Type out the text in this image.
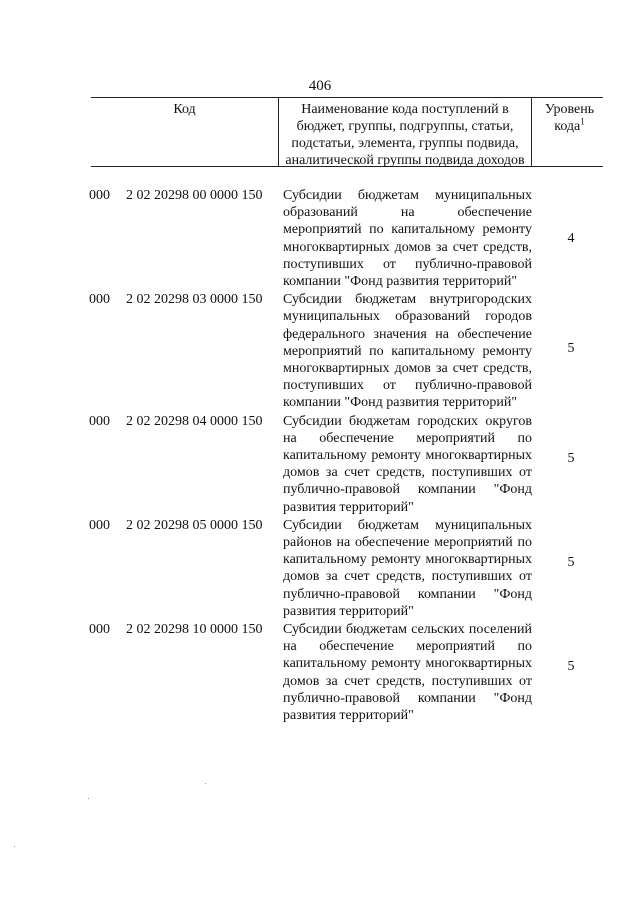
406
Код	Наименование кода поступлений в бюджет, группы, подгруппы, статьи, подстатьи, элемента, группы подвида, аналитической группы подвида доходов
Уровень кода$^1$
000 2 02 20298 00 0000 150 Субсидии бюджетам муниципальных образований на обеспечение мероприятий по капитальному ремонту многоквартирных домов за счет средств, поступивших от публично-правовой компании "Фонд развития территорий"
4
000 2 02 20298 03 0000 150 Субсидии бюджетам внутригородских муниципальных образований городов федерального значения на обеспечение мероприятий по капитальному ремонту многоквартирных домов за счет средств, поступивших от публично-правовой компании "Фонд развития территорий"
5
000 2 02 20298 04 0000 150 Субсидии бюджетам городских округов на обеспечение мероприятий по капитальному ремонту многоквартирных домов за счет средств, поступивших от публично-правовой компании "Фонд развития территорий"
5
000 2 02 20298 05 0000 150 Субсидии бюджетам муниципальных районов на обеспечение мероприятий по капитальному ремонту многоквартирных домов за счет средств, поступивших от публично-правовой компании "Фонд развития территорий"
5
000 2 02 20298 10 0000 150 Субсидии бюджетам сельских поселений на обеспечение мероприятий по капитальному ремонту многоквартирных домов за счет средств, поступивших от публично-правовой компании "Фонд развития территорий"
5
